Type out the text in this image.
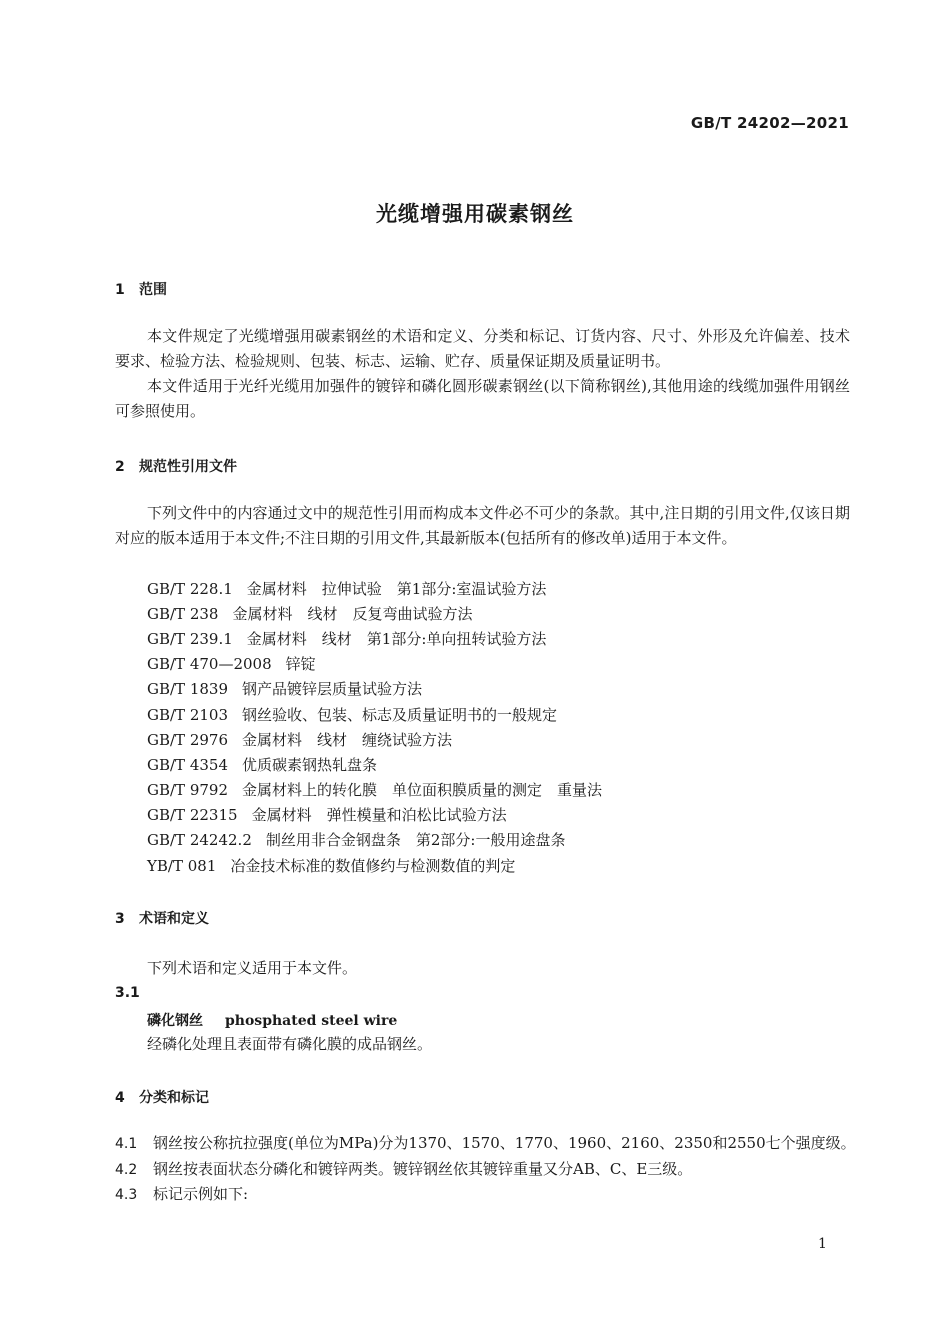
GB/T 24202—2021
光缆增强用碳素钢丝
1 范围
本文件规定了光缆增强用碳素钢丝的术语和定义、分类和标记、订货内容、尺寸、外形及允许偏差、技术要求、检验方法、检验规则、包装、标志、运输、贮存、质量保证期及质量证明书。
本文件适用于光纤光缆用加强件的镀锌和磷化圆形碳素钢丝(以下简称钢丝),其他用途的线缆加强件用钢丝可参照使用。
2 规范性引用文件
下列文件中的内容通过文中的规范性引用而构成本文件必不可少的条款。其中,注日期的引用文件,仅该日期对应的版本适用于本文件;不注日期的引用文件,其最新版本(包括所有的修改单)适用于本文件。
GB/T 228.1 金属材料　拉伸试验　第1部分:室温试验方法
GB/T 238 金属材料　线材　反复弯曲试验方法
GB/T 239.1 金属材料　线材　第1部分:单向扭转试验方法
GB/T 470—2008 锌锭
GB/T 1839 钢产品镀锌层质量试验方法
GB/T 2103 钢丝验收、包装、标志及质量证明书的一般规定
GB/T 2976 金属材料　线材　缠绕试验方法
GB/T 4354 优质碳素钢热轧盘条
GB/T 9792 金属材料上的转化膜　单位面积膜质量的测定　重量法
GB/T 22315 金属材料　弹性模量和泊松比试验方法
GB/T 24242.2 制丝用非合金钢盘条　第2部分:一般用途盘条
YB/T 081 冶金技术标准的数值修约与检测数值的判定
3 术语和定义
下列术语和定义适用于本文件。
3.1
磷化钢丝 phosphated steel wire
经磷化处理且表面带有磷化膜的成品钢丝。
4 分类和标记
4.1 钢丝按公称抗拉强度(单位为MPa)分为1370、1570、1770、1960、2160、2350和2550七个强度级。
4.2 钢丝按表面状态分磷化和镀锌两类。镀锌钢丝依其镀锌重量又分AB、C、E三级。
4.3 标记示例如下:
1
